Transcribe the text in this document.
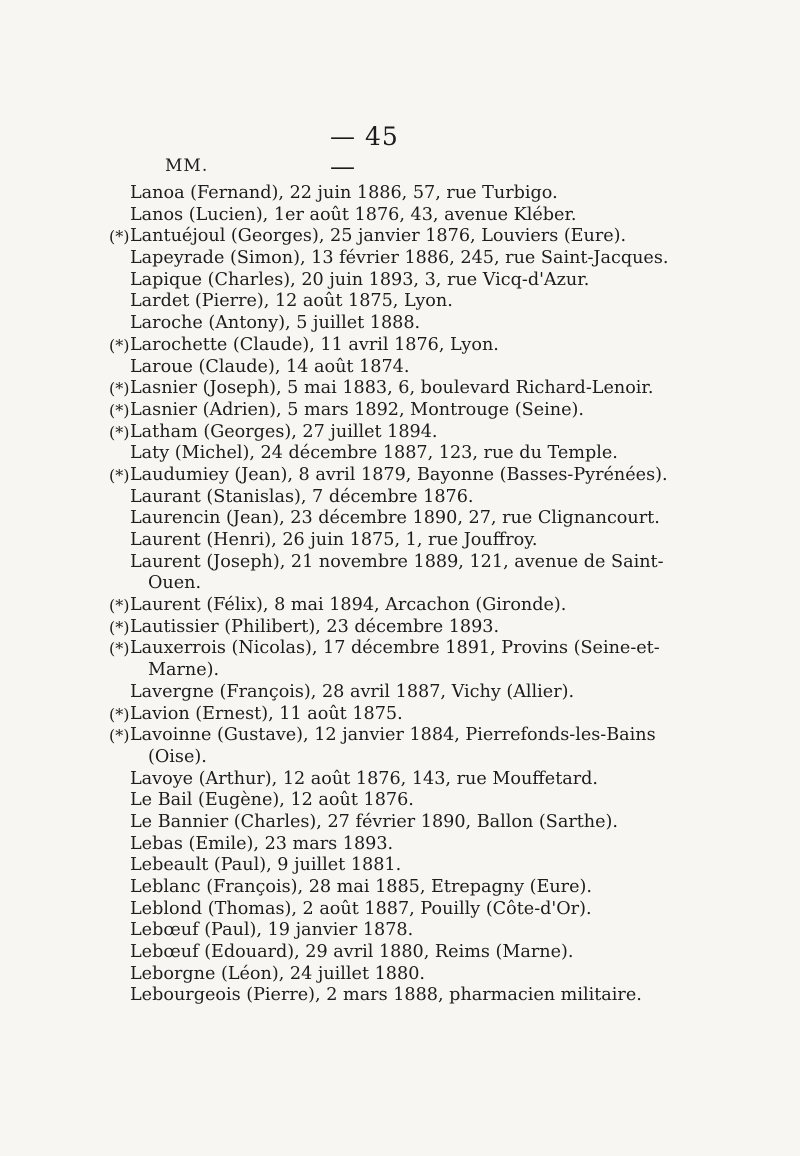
— 45 —
MM.
Lanoa (Fernand), 22 juin 1886, 57, rue Turbigo.
Lanos (Lucien), 1er août 1876, 43, avenue Kléber.
(*) Lantuéjoul (Georges), 25 janvier 1876, Louviers (Eure).
Lapeyrade (Simon), 13 février 1886, 245, rue Saint-Jacques.
Lapique (Charles), 20 juin 1893, 3, rue Vicq-d'Azur.
Lardet (Pierre), 12 août 1875, Lyon.
Laroche (Antony), 5 juillet 1888.
(*) Larochette (Claude), 11 avril 1876, Lyon.
Laroue (Claude), 14 août 1874.
(*) Lasnier (Joseph), 5 mai 1883, 6, boulevard Richard-Lenoir.
(*) Lasnier (Adrien), 5 mars 1892, Montrouge (Seine).
(*) Latham (Georges), 27 juillet 1894.
Laty (Michel), 24 décembre 1887, 123, rue du Temple.
(*) Laudumiey (Jean), 8 avril 1879, Bayonne (Basses-Pyrénées).
Laurant (Stanislas), 7 décembre 1876.
Laurencin (Jean), 23 décembre 1890, 27, rue Clignancourt.
Laurent (Henri), 26 juin 1875, 1, rue Jouffroy.
Laurent (Joseph), 21 novembre 1889, 121, avenue de Saint-
Ouen.
(*) Laurent (Félix), 8 mai 1894, Arcachon (Gironde).
(*) Lautissier (Philibert), 23 décembre 1893.
(*) Lauxerrois (Nicolas), 17 décembre 1891, Provins (Seine-et-
Marne).
Lavergne (François), 28 avril 1887, Vichy (Allier).
(*) Lavion (Ernest), 11 août 1875.
(*) Lavoinne (Gustave), 12 janvier 1884, Pierrefonds-les-Bains
(Oise).
Lavoye (Arthur), 12 août 1876, 143, rue Mouffetard.
Le Bail (Eugène), 12 août 1876.
Le Bannier (Charles), 27 février 1890, Ballon (Sarthe).
Lebas (Emile), 23 mars 1893.
Lebeault (Paul), 9 juillet 1881.
Leblanc (François), 28 mai 1885, Etrepagny (Eure).
Leblond (Thomas), 2 août 1887, Pouilly (Côte-d'Or).
Lebœuf (Paul), 19 janvier 1878.
Lebœuf (Edouard), 29 avril 1880, Reims (Marne).
Leborgne (Léon), 24 juillet 1880.
Lebourgeois (Pierre), 2 mars 1888, pharmacien militaire.
